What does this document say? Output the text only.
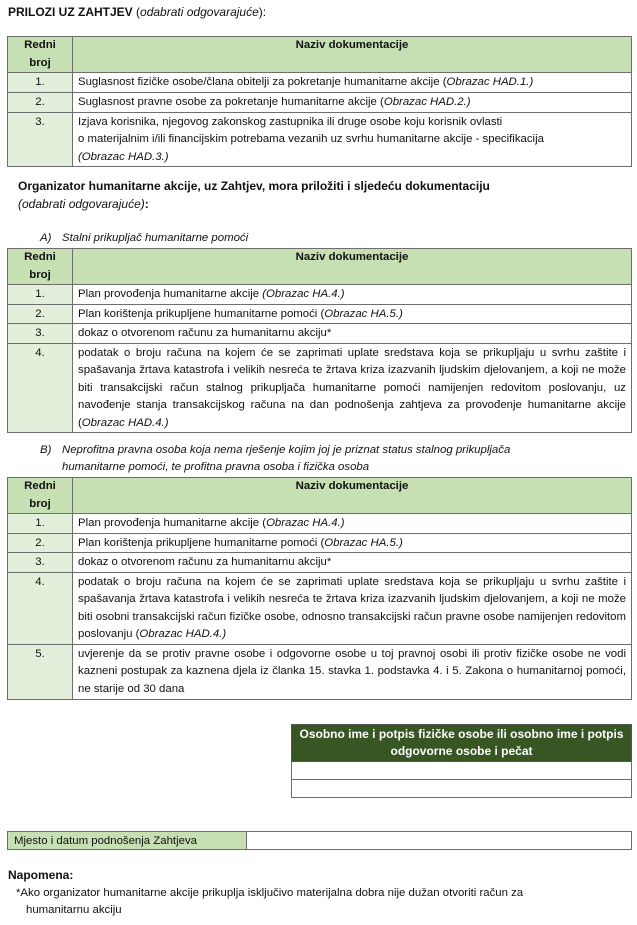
PRILOZI UZ ZAHTJEV (odabrati odgovarajuće):
Redni
broj	Naziv dokumentacije
1.	Suglasnost fizičke osobe/člana obitelji za pokretanje humanitarne akcije (Obrazac HAD.1.)
2.	Suglasnost pravne osobe za pokretanje humanitarne akcije (Obrazac HAD.2.)
3.	Izjava korisnika, njegovog zakonskog zastupnika ili druge osobe koju korisnik ovlasti
o materijalnim i/ili financijskim potrebama vezanih uz svrhu humanitarne akcije - specifikacija
(Obrazac HAD.3.)
Organizator humanitarne akcije, uz Zahtjev, mora priložiti i sljedeću dokumentaciju
(odabrati odgovarajuće):
A) Stalni prikupljač humanitarne pomoći
Redni
broj	Naziv dokumentacije
1.	Plan provođenja humanitarne akcije (Obrazac HA.4.)
2.	Plan korištenja prikupljene humanitarne pomoći (Obrazac HA.5.)
3.	dokaz o otvorenom računu za humanitarnu akciju*
4.	podatak o broju računa na kojem će se zaprimati uplate sredstava koja se prikupljaju u svrhu zaštite i spašavanja žrtava katastrofa i velikih nesreća te žrtava kriza izazvanih ljudskim djelovanjem, a koji ne može biti transakcijski račun stalnog prikupljača humanitarne pomoći namijenjen redovitom poslovanju, uz navođenje stanja transakcijskog računa na dan podnošenja zahtjeva za provođenje humanitarne akcije (Obrazac HAD.4.)
B) Neprofitna pravna osoba koja nema rješenje kojim joj je priznat status stalnog prikupljača
humanitarne pomoći, te profitna pravna osoba i fizička osoba
Redni
broj	Naziv dokumentacije
1.	Plan provođenja humanitarne akcije (Obrazac HA.4.)
2.	Plan korištenja prikupljene humanitarne pomoći (Obrazac HA.5.)
3.	dokaz o otvorenom računu za humanitarnu akciju*
4.	podatak o broju računa na kojem će se zaprimati uplate sredstava koja se prikupljaju u svrhu zaštite i spašavanja žrtava katastrofa i velikih nesreća te žrtava kriza izazvanih ljudskim djelovanjem, a koji ne može biti osobni transakcijski račun fizičke osobe, odnosno transakcijski račun pravne osobe namijenjen redovitom poslovanju (Obrazac HAD.4.)
5.	uvjerenje da se protiv pravne osobe i odgovorne osobe u toj pravnoj osobi ili protiv fizičke osobe ne vodi kazneni postupak za kaznena djela iz članka 15. stavka 1. podstavka 4. i 5. Zakona o humanitarnoj pomoći, ne starije od 30 dana
Osobno ime i potpis fizičke osobe ili osobno ime i potpis odgovorne osobe i pečat

Mjesto i datum podnošenja Zahtjeva	
Napomena:
*Ako organizator humanitarne akcije prikuplja isključivo materijalna dobra nije dužan otvoriti račun za
humanitarnu akciju
